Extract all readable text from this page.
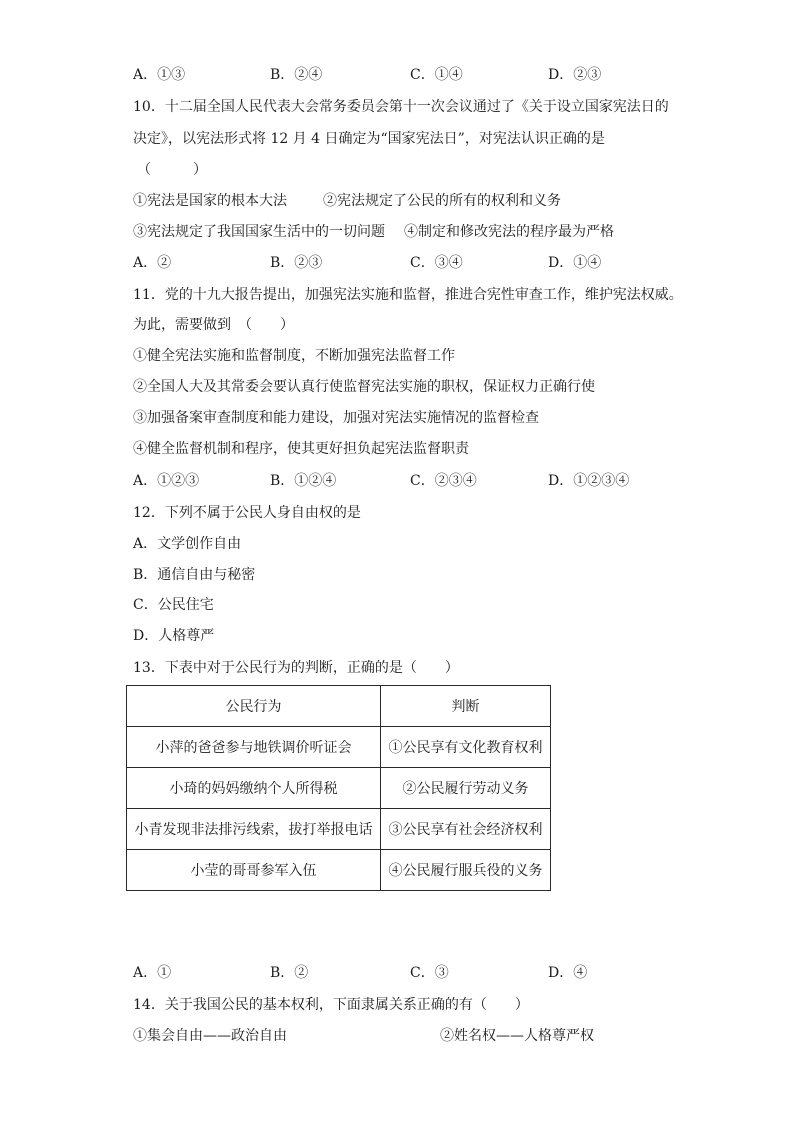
A．①③	B．②④	C．①④	D．②③
10．十二届全国人民代表大会常务委员会第十一次会议通过了《关于设立国家宪法日的
决定》，以宪法形式将 12 月 4 日确定为“国家宪法日”，对宪法认识正确的是
（　　　）
①宪法是国家的根本大法	②宪法规定了公民的所有的权利和义务
③宪法规定了我国国家生活中的一切问题 ④制定和修改宪法的程序最为严格
A．②	B．②③	C．③④	D．①④
11．党的十九大报告提出，加强宪法实施和监督，推进合宪性审查工作，维护宪法权威。
为此，需要做到　（　　）
①健全宪法实施和监督制度，不断加强宪法监督工作
②全国人大及其常委会要认真行使监督宪法实施的职权，保证权力正确行使
③加强备案审查制度和能力建设，加强对宪法实施情况的监督检查
④健全监督机制和程序，使其更好担负起宪法监督职责
A．①②③	B．①②④	C．②③④	D．①②③④
12．下列不属于公民人身自由权的是
A．文学创作自由
B．通信自由与秘密
C．公民住宅
D．人格尊严
13．下表中对于公民行为的判断，正确的是（　　）
公民行为	判断
小萍的爸爸参与地铁调价听证会	①公民享有文化教育权利
小琦的妈妈缴纳个人所得税	②公民履行劳动义务
小青发现非法排污线索，拔打举报电话	③公民享有社会经济权利
小莹的哥哥参军入伍	④公民履行服兵役的义务
A．①	B．②	C．③	D．④
14．关于我国公民的基本权利，下面隶属关系正确的有（　　）
①集会自由——政治自由	②姓名权——人格尊严权
